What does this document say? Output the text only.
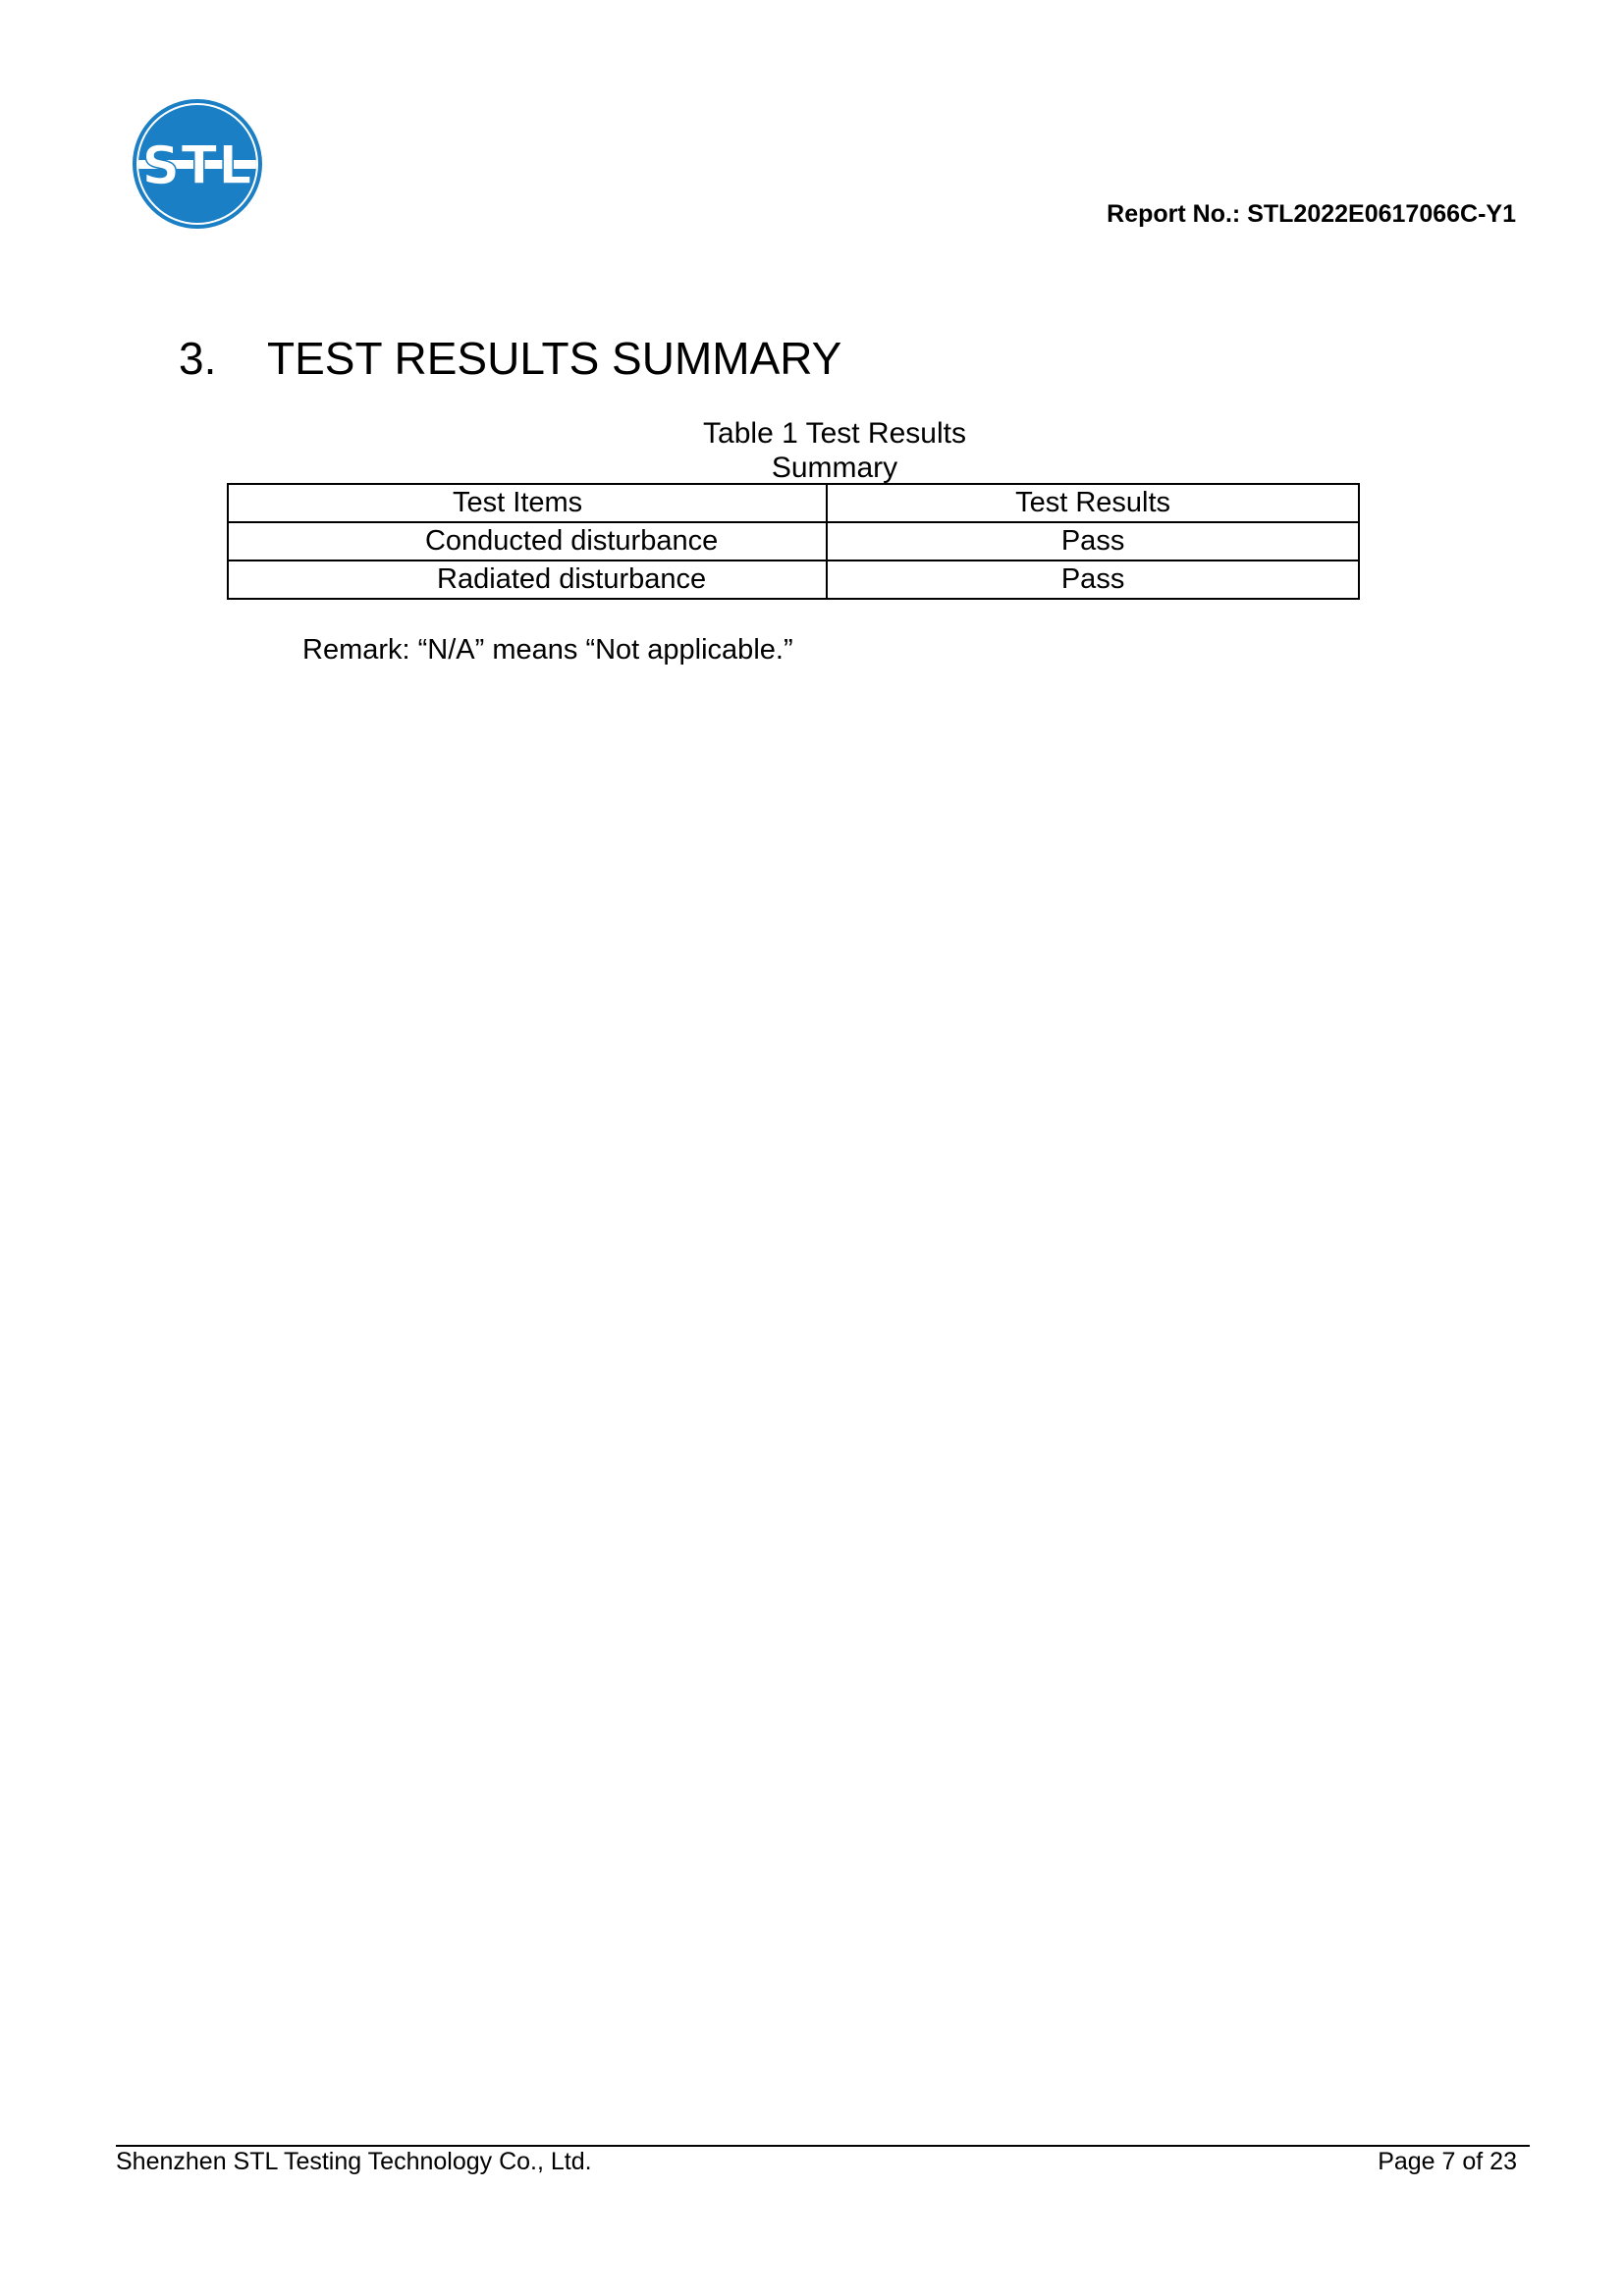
STL
Report No.: STL2022E0617066C-Y1
3. TEST RESULTS SUMMARY
Table 1 Test Results
Summary
Test Items	Test Results
Conducted disturbance	Pass
Radiated disturbance	Pass
Remark: “N/A” means “Not applicable.”
Shenzhen STL Testing Technology Co., Ltd.	Page 7 of 23
